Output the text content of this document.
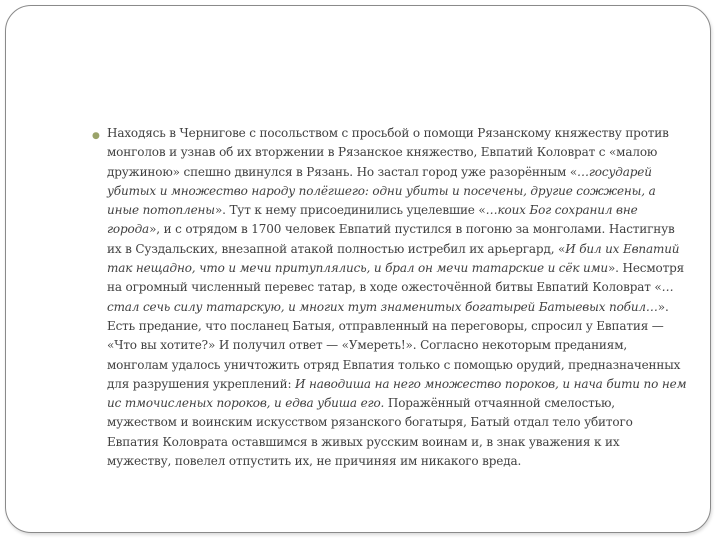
● Находясь в Чернигове с посольством с просьбой о помощи Рязанскому княжеству против монголов и узнав об их вторжении в Рязанское княжество, Евпатий Коловрат с «малою дружиною» спешно двинулся в Рязань. Но застал город уже разорённым «…государей убитых и множество народу полёгшего: одни убиты и посечены, другие сожжены, а иные потоплены». Тут к нему присоединились уцелевшие «…коих Бог сохранил вне города», и с отрядом в 1700 человек Евпатий пустился в погоню за монголами. Настигнув их в Суздальских, внезапной атакой полностью истребил их арьергард, «И бил их Евпатий так нещадно, что и мечи притуплялись, и брал он мечи татарские и сёк ими». Несмотря на огромный численный перевес татар, в ходе ожесточённой битвы Евпатий Коловрат «…стал сечь силу татарскую, и многих тут знаменитых богатырей Батыевых побил…». Есть предание, что посланец Батыя, отправленный на переговоры, спросил у Евпатия — «Что вы хотите?» И получил ответ — «Умереть!». Согласно некоторым преданиям, монголам удалось уничтожить отряд Евпатия только с помощью орудий, предназначенных для разрушения укреплений: И наводиша на него множество пороков, и нача бити по нем ис тмочисленых пороков, и едва убиша его. Поражённый отчаянной смелостью, мужеством и воинским искусством рязанского богатыря, Батый отдал тело убитого Евпатия Коловрата оставшимся в живых русским воинам и, в знак уважения к их мужеству, повелел отпустить их, не причиняя им никакого вреда.
